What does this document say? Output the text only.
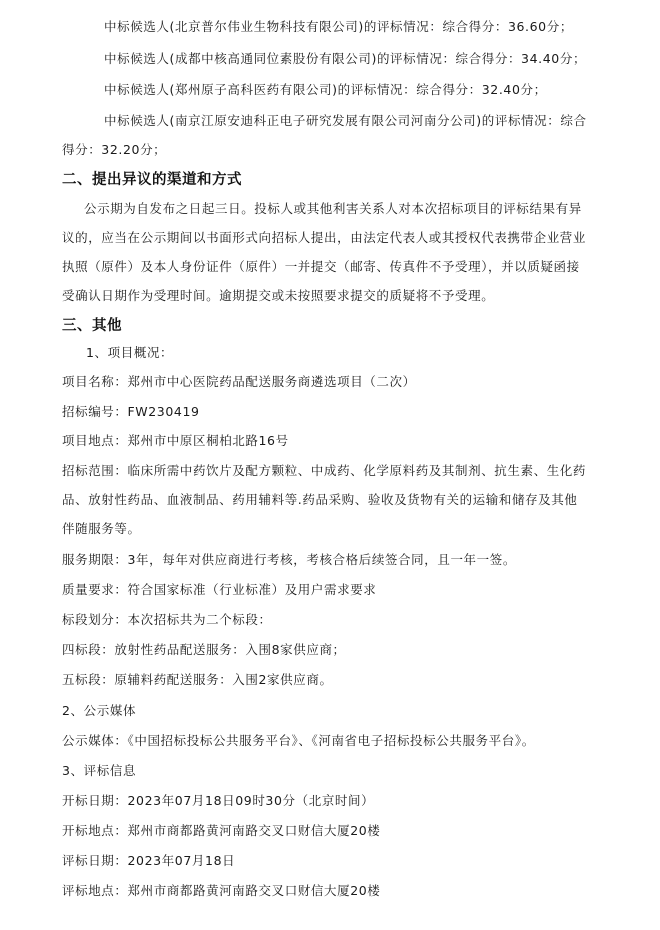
中标候选人(北京普尔伟业生物科技有限公司)的评标情况：综合得分：36.60分；
中标候选人(成都中核高通同位素股份有限公司)的评标情况：综合得分：34.40分；
中标候选人(郑州原子高科医药有限公司)的评标情况：综合得分：32.40分；
中标候选人(南京江原安迪科正电子研究发展有限公司河南分公司)的评标情况：综合
得分：32.20分；
二、提出异议的渠道和方式
公示期为自发布之日起三日。投标人或其他利害关系人对本次招标项目的评标结果有异
议的，应当在公示期间以书面形式向招标人提出，由法定代表人或其授权代表携带企业营业
执照（原件）及本人身份证件（原件）一并提交（邮寄、传真件不予受理），并以质疑函接
受确认日期作为受理时间。逾期提交或未按照要求提交的质疑将不予受理。
三、其他
1、项目概况：
项目名称：郑州市中心医院药品配送服务商遴选项目（二次）
招标编号：FW230419
项目地点：郑州市中原区桐柏北路16号
招标范围：临床所需中药饮片及配方颗粒、中成药、化学原料药及其制剂、抗生素、生化药
品、放射性药品、血液制品、药用辅料等.药品采购、验收及货物有关的运输和储存及其他
伴随服务等。
服务期限：3年，每年对供应商进行考核，考核合格后续签合同，且一年一签。
质量要求：符合国家标准（行业标准）及用户需求要求
标段划分：本次招标共为二个标段：
四标段：放射性药品配送服务：入围8家供应商；
五标段：原辅料药配送服务：入围2家供应商。
2、公示媒体
公示媒体：《中国招标投标公共服务平台》、《河南省电子招标投标公共服务平台》。
3、评标信息
开标日期：2023年07月18日09时30分（北京时间）
开标地点：郑州市商都路黄河南路交叉口财信大厦20楼
评标日期：2023年07月18日
评标地点：郑州市商都路黄河南路交叉口财信大厦20楼
